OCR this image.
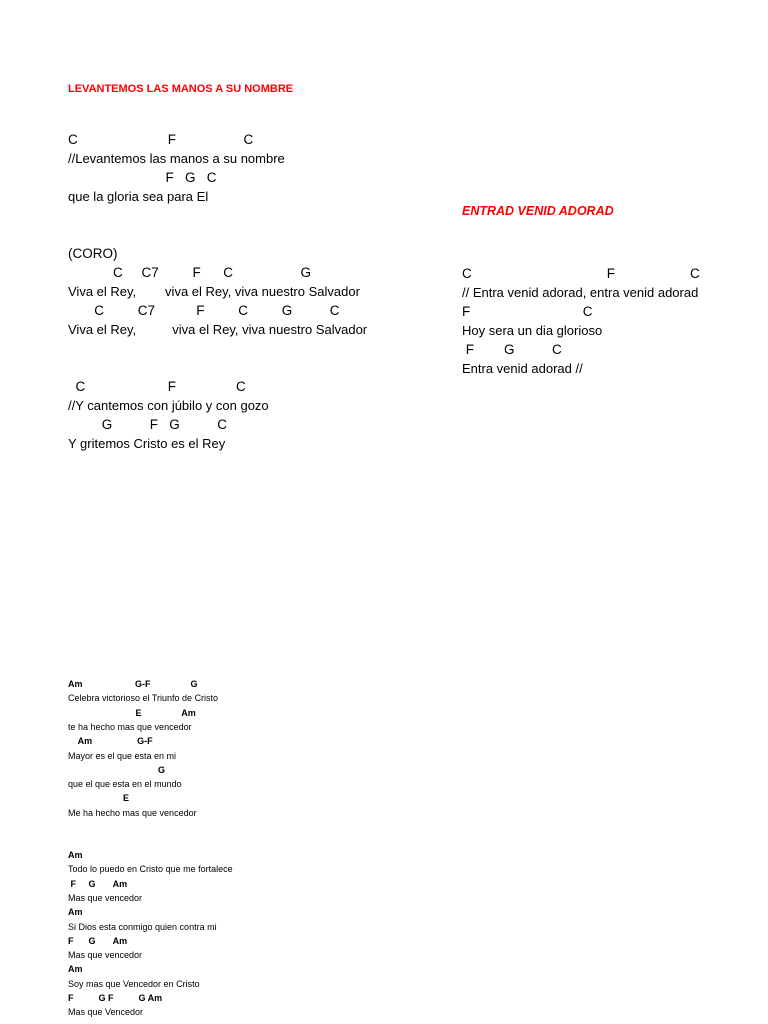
LEVANTEMOS LAS MANOS A SU NOMBRE
C                        F                  C
//Levantemos las manos a su nombre
F   G   C
que la gloria sea para El
(CORO)
C     C7         F      C                  G
Viva el Rey,        viva el Rey, viva nuestro Salvador
C         C7           F         C         G          C
Viva el Rey,          viva el Rey, viva nuestro Salvador
C                      F                C
//Y cantemos con júbilo y con gozo
G          F   G          C
Y gritemos Cristo es el Rey
ENTRAD VENID ADORAD
C                                    F                    C
// Entra venid adorad, entra venid adorad
F                              C
Hoy sera un dia glorioso
F        G          C
Entra venid adorad //
Am                     G-F                G
Celebra victorioso el Triunfo de Cristo
E                Am
te ha hecho mas que vencedor
Am                  G-F
Mayor es el que esta en mi
G
que el que esta en el mundo
E
Me ha hecho mas que vencedor
Am
Todo lo puedo en Cristo que me fortalece
F     G       Am
Mas que vencedor
Am
Si Dios esta conmigo quien contra mi
F      G       Am
Mas que vencedor
Am
Soy mas que Vencedor en Cristo
F          G F          G Am
Mas que Vencedor
